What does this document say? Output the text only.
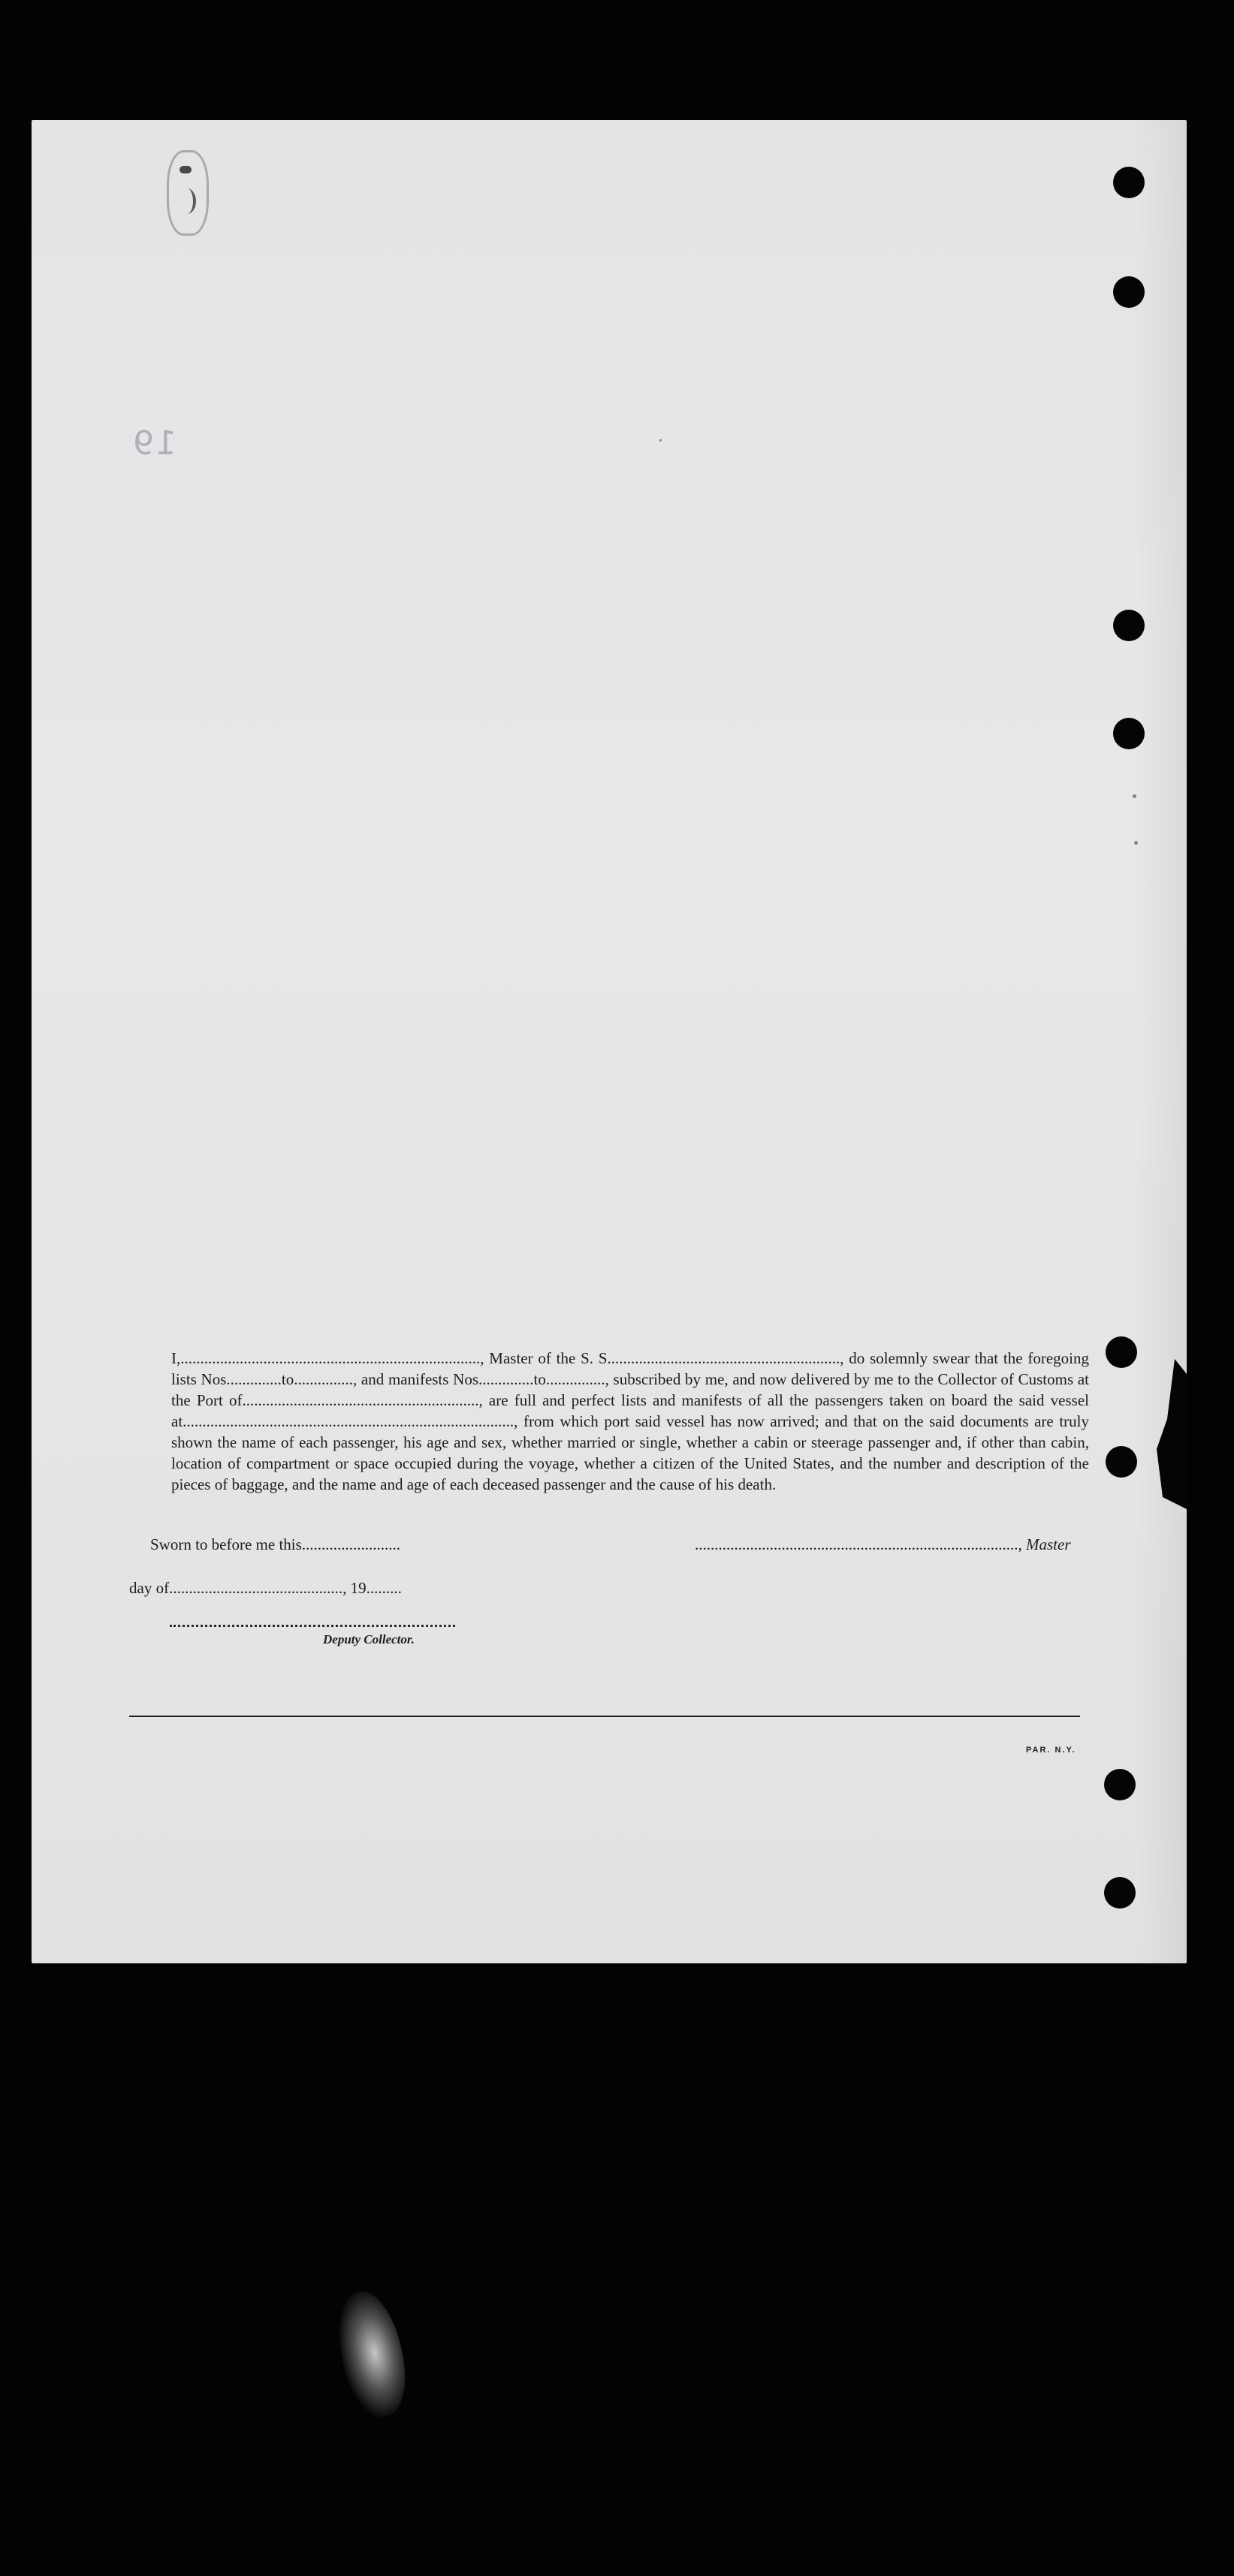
19

I,............................................................................, Master of the S. S..........................................................., do solemnly swear that the foregoing lists Nos..............to..............., and manifests Nos..............to..............., subscribed by me, and now delivered by me to the Collector of Customs at the Port of............................................................, are full and perfect lists and manifests of all the passengers taken on board the said vessel at...................................................................................., from which port said vessel has now arrived; and that on the said documents are truly shown the name of each passenger, his age and sex, whether married or single, whether a cabin or steerage passenger and, if other than cabin, location of compartment or space occupied during the voyage, whether a citizen of the United States, and the number and description of the pieces of baggage, and the name and age of each deceased passenger and the cause of his death.

Sworn to before me this.........................	.................................................................................., Master
day of............................................, 19.........
Deputy Collector.
PAR. N.Y.
